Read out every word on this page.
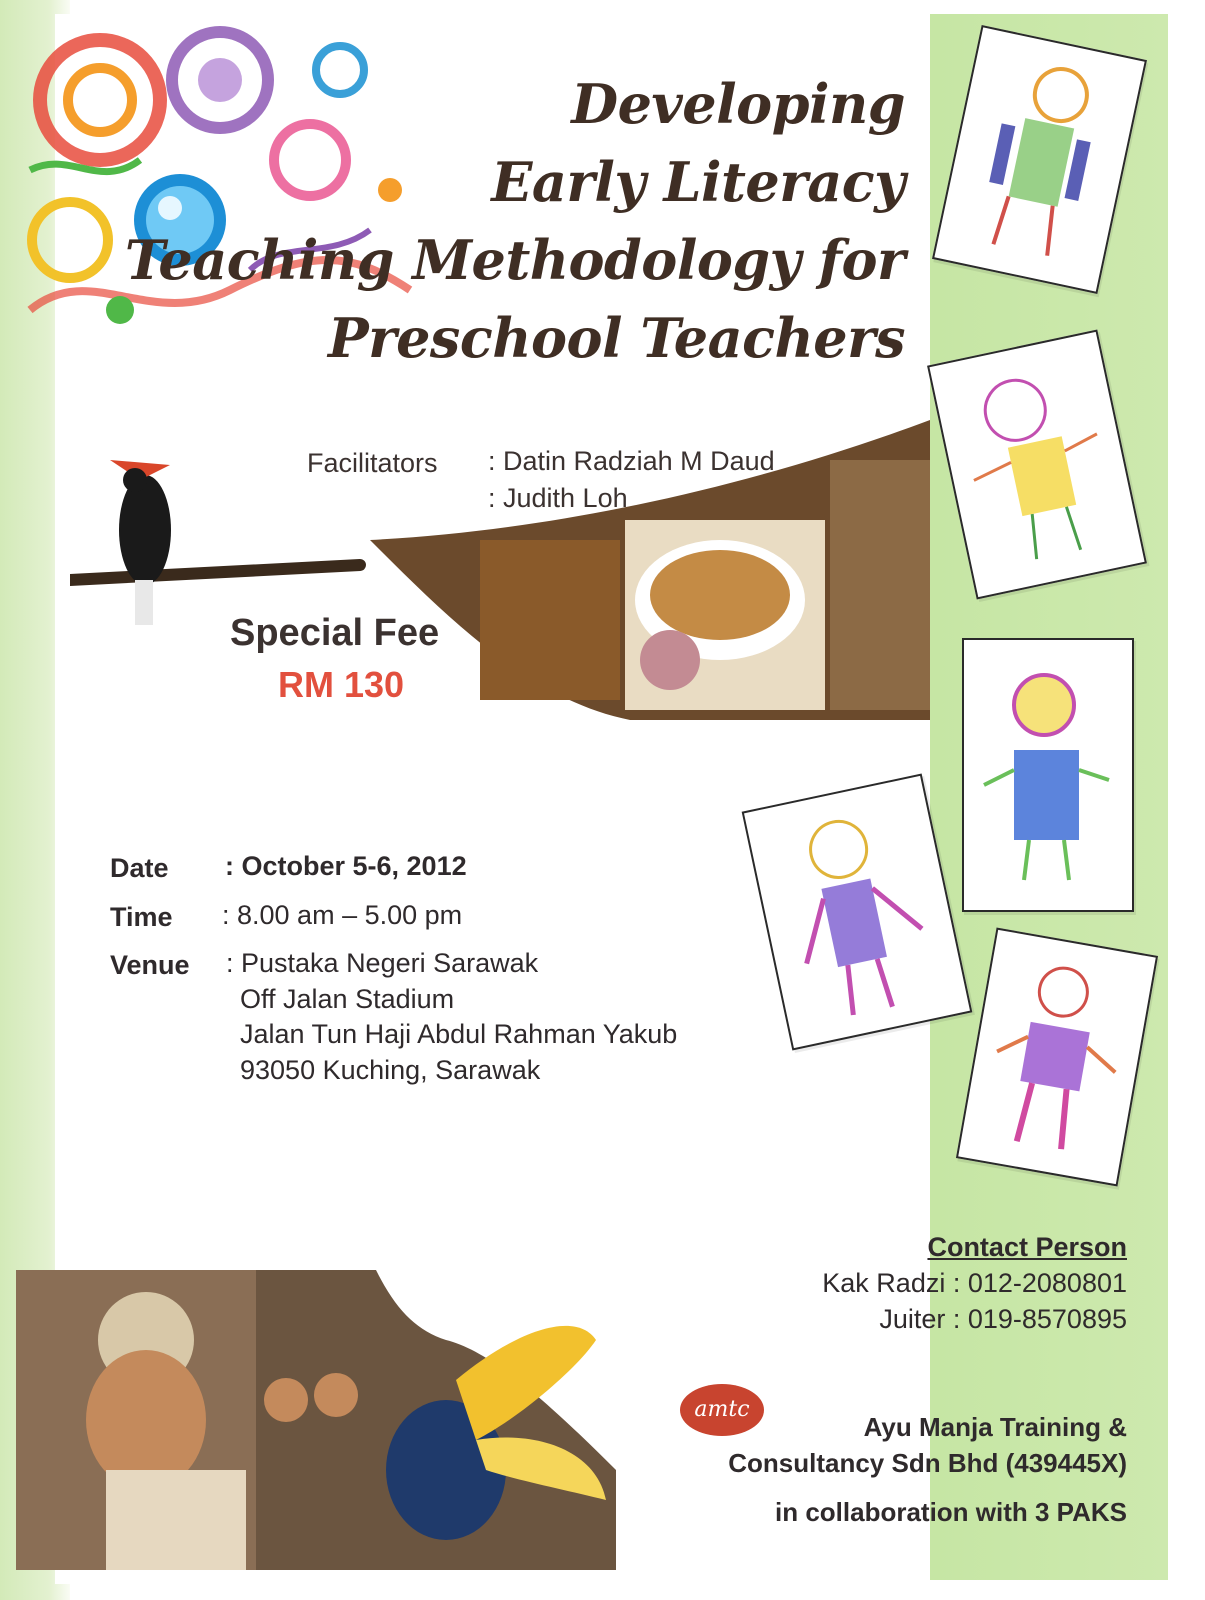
Developing
Early Literacy
Teaching Methodology for
Preschool Teachers
Facilitators : Datin Radziah M Daud
: Judith Loh
Special Fee
RM 130
Date : October 5-6, 2012
Time : 8.00 am – 5.00 pm
Venue : Pustaka Negeri Sarawak
Off Jalan Stadium
Jalan Tun Haji Abdul Rahman Yakub
93050 Kuching, Sarawak
Contact Person
Kak Radzi : 012-2080801
Juiter : 019-8570895
amtc
Ayu Manja Training &
Consultancy Sdn Bhd (439445X)
in collaboration with 3 PAKS
